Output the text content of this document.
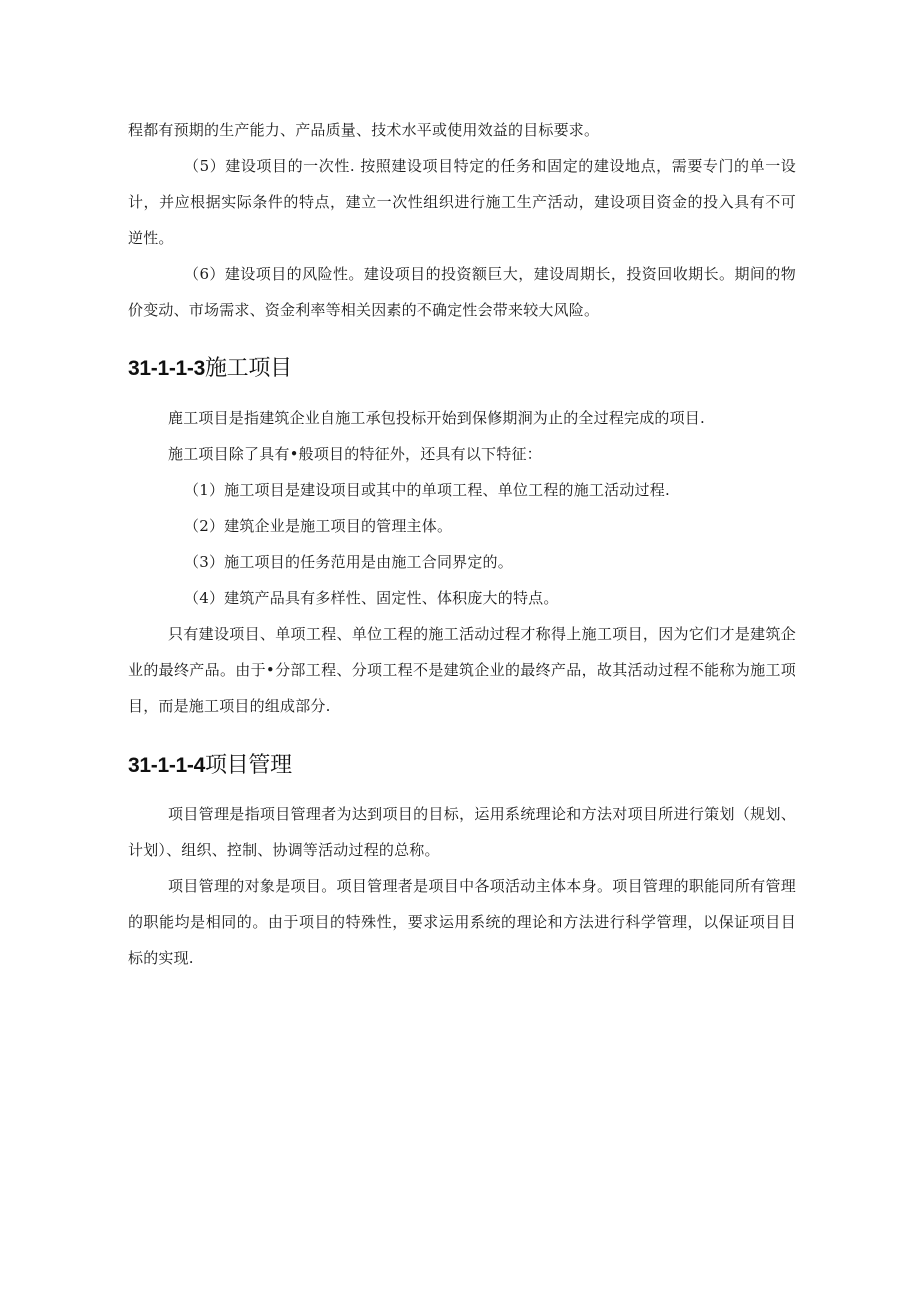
程都有预期的生产能力、产品质量、技术水平或使用效益的目标要求。

（5）建设项目的一次性. 按照建设项目特定的任务和固定的建设地点，需要专门的单一设计，并应根据实际条件的特点，建立一次性组织进行施工生产活动，建设项目资金的投入具有不可逆性。

（6）建设项目的风险性。建设项目的投资额巨大，建设周期长，投资回收期长。期间的物价变动、市场需求、资金利率等相关因素的不确定性会带来较大风险。

31-1-1-3施工项目

鹿工项目是指建筑企业自施工承包投标开始到保修期涧为止的全过程完成的项目.

施工项目除了具有•般项目的特征外，还具有以下特征：

（1）施工项目是建设项目或其中的单项工程、单位工程的施工活动过程.

（2）建筑企业是施工项目的管理主体。

（3）施工项目的任务范用是由施工合同界定的。

（4）建筑产品具有多样性、固定性、体积庞大的特点。

只有建设项目、单项工程、单位工程的施工活动过程才称得上施工项目，因为它们才是建筑企业的最终产品。由于•分部工程、分项工程不是建筑企业的最终产品，故其活动过程不能称为施工项目，而是施工项目的组成部分.

31-1-1-4项目管理

项目管理是指项目管理者为达到项目的目标，运用系统理论和方法对项目所进行策划（规划、计划）、组织、控制、协调等活动过程的总称。

项目管理的对象是项目。项目管理者是项目中各项活动主体本身。项目管理的职能同所有管理的职能均是相同的。由于项目的特殊性，要求运用系统的理论和方法进行科学管理，以保证项目目标的实现.
